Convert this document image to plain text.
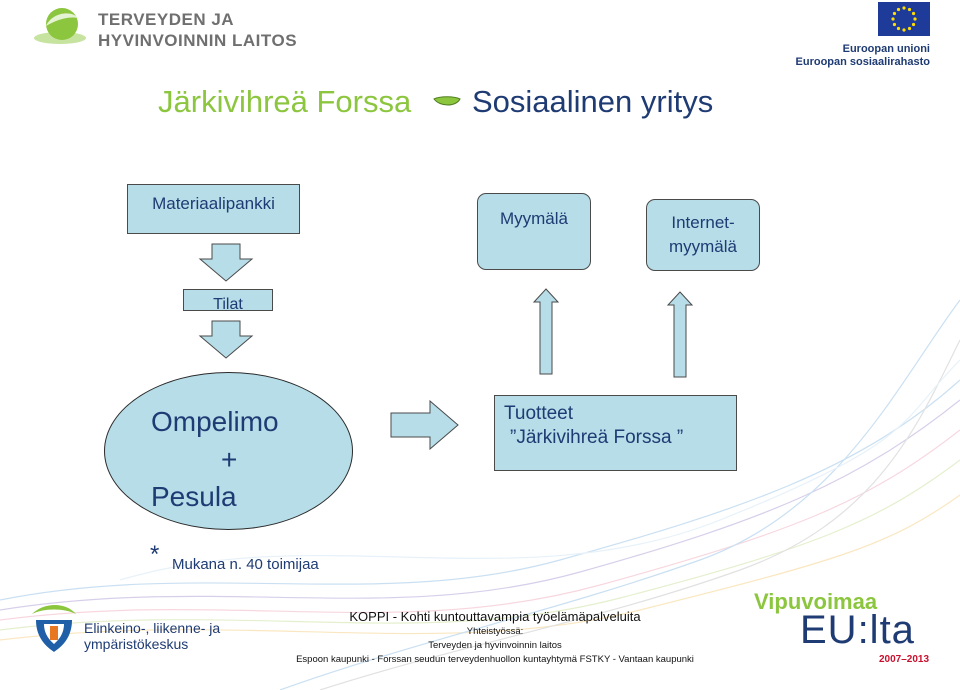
TERVEYDEN JA
HYVINVOINNIN LAITOS	Euroopan unioni
Euroopan sosiaalirahasto
Järkivihreä Forssa Sosiaalinen yritys
Materiaalipankki
Tilat
Myymälä	Internet-
myymälä
Ompelimo
+
Pesula
Tuotteet
”Järkivihreä Forssa ”
* Mukana n. 40 toimijaa
Elinkeino-, liikenne- ja
ympäristökeskus
KOPPI - Kohti kuntouttavampia työelämäpalveluita
Yhteistyössä:
Terveyden ja hyvinvoinnin laitos
Espoon kaupunki - Forssan seudun terveydenhuollon kuntayhtymä FSTKY - Vantaan kaupunki
Vipuvoimaa
EU:lta
2007–2013
